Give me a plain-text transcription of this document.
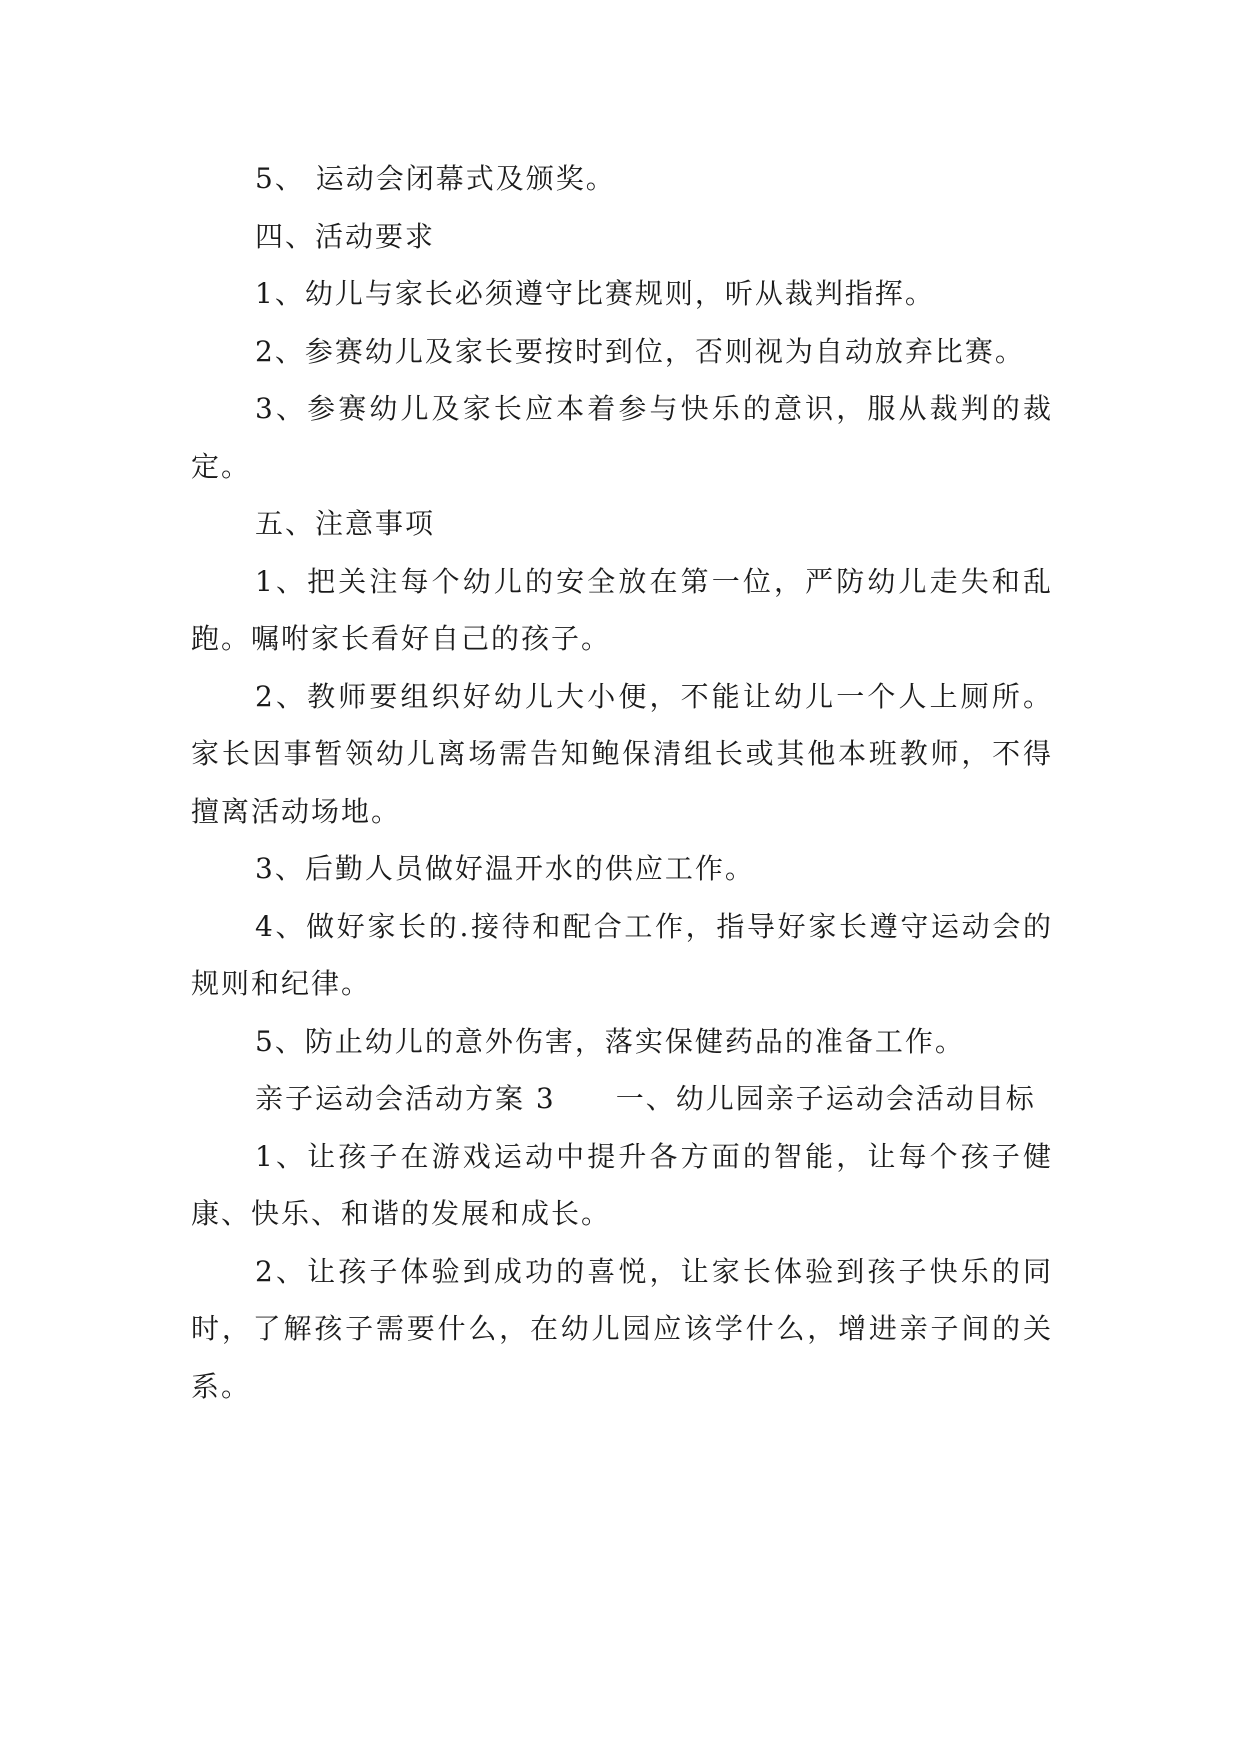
5、 运动会闭幕式及颁奖。

四、活动要求

1、幼儿与家长必须遵守比赛规则，听从裁判指挥。

2、参赛幼儿及家长要按时到位，否则视为自动放弃比赛。

3、参赛幼儿及家长应本着参与快乐的意识，服从裁判的裁定。

五、注意事项

1、把关注每个幼儿的安全放在第一位，严防幼儿走失和乱跑。嘱咐家长看好自己的孩子。

2、教师要组织好幼儿大小便，不能让幼儿一个人上厕所。家长因事暂领幼儿离场需告知鲍保清组长或其他本班教师，不得擅离活动场地。

3、后勤人员做好温开水的供应工作。

4、做好家长的.接待和配合工作，指导好家长遵守运动会的规则和纪律。

5、防止幼儿的意外伤害，落实保健药品的准备工作。

亲子运动会活动方案 3　　一、幼儿园亲子运动会活动目标

1、让孩子在游戏运动中提升各方面的智能，让每个孩子健康、快乐、和谐的发展和成长。

2、让孩子体验到成功的喜悦，让家长体验到孩子快乐的同时，了解孩子需要什么，在幼儿园应该学什么，增进亲子间的关系。
